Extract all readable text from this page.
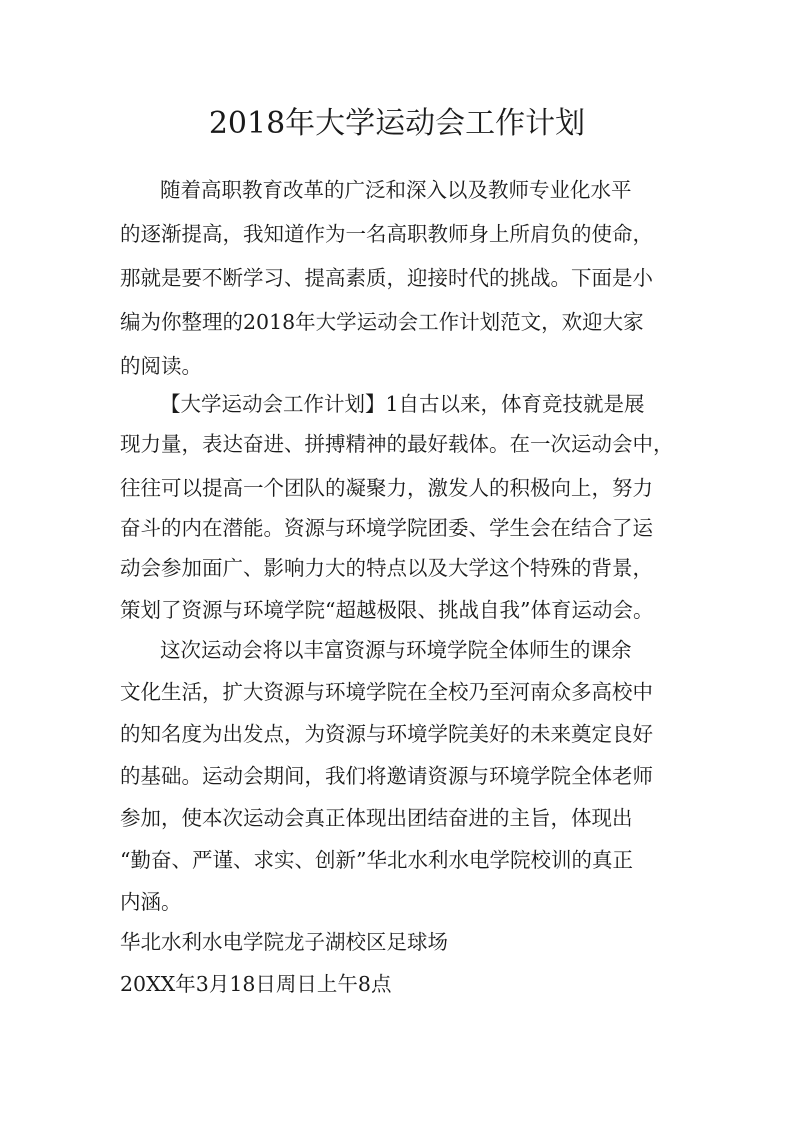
2018年大学运动会工作计划
随着高职教育改革的广泛和深入以及教师专业化水平
的逐渐提高，我知道作为一名高职教师身上所肩负的使命，
那就是要不断学习、提高素质，迎接时代的挑战。下面是小
编为你整理的2018年大学运动会工作计划范文，欢迎大家
的阅读。
【大学运动会工作计划】1自古以来，体育竞技就是展
现力量，表达奋进、拼搏精神的最好载体。在一次运动会中，
往往可以提高一个团队的凝聚力，激发人的积极向上，努力
奋斗的内在潜能。资源与环境学院团委、学生会在结合了运
动会参加面广、影响力大的特点以及大学这个特殊的背景，
策划了资源与环境学院“超越极限、挑战自我”体育运动会。
这次运动会将以丰富资源与环境学院全体师生的课余
文化生活，扩大资源与环境学院在全校乃至河南众多高校中
的知名度为出发点，为资源与环境学院美好的未来奠定良好
的基础。运动会期间，我们将邀请资源与环境学院全体老师
参加，使本次运动会真正体现出团结奋进的主旨，体现出
“勤奋、严谨、求实、创新”华北水利水电学院校训的真正
内涵。
华北水利水电学院龙子湖校区足球场
20XX年3月18日周日上午8点
